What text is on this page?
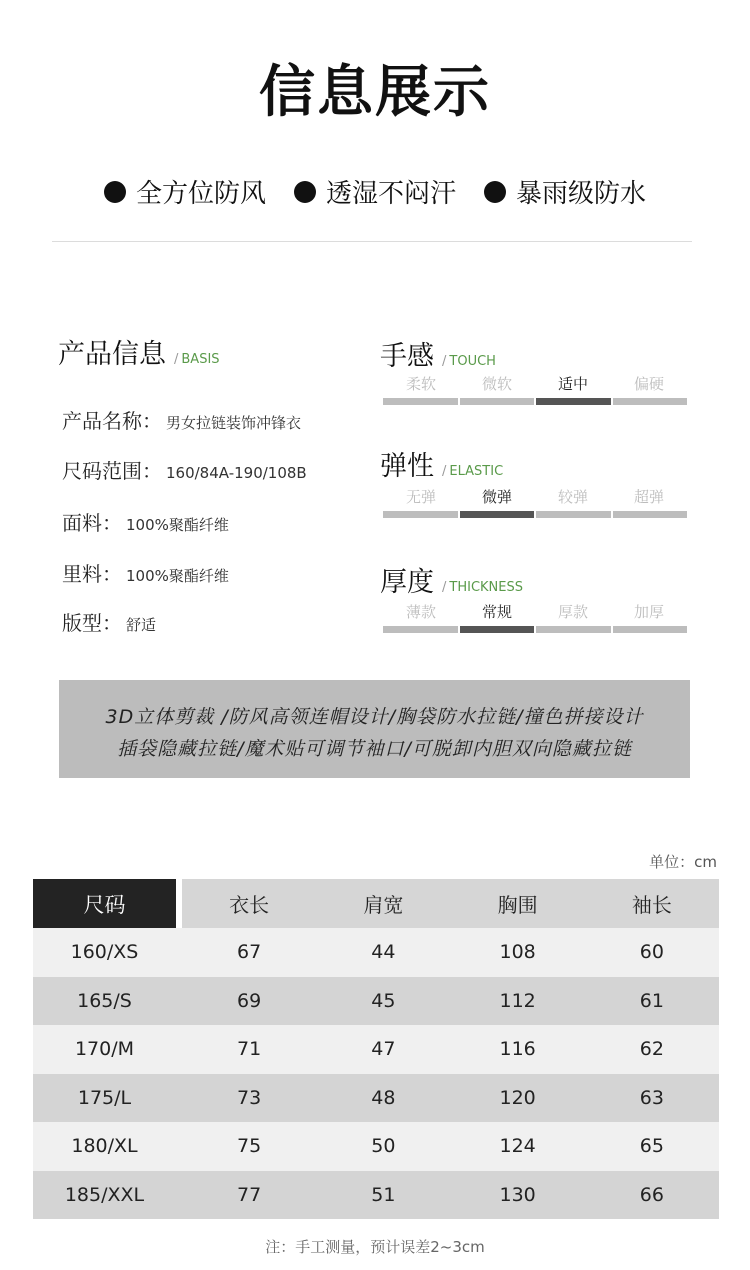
信息展示
全方位防风 透湿不闷汗 暴雨级防水
产品信息 / BASIS
产品名称： 男女拉链装饰冲锋衣
尺码范围： 160/84A-190/108B
面料： 100%聚酯纤维
里料： 100%聚酯纤维
版型： 舒适
手感 / TOUCH
柔软	微软	适中	偏硬
弹性 / ELASTIC
无弹	微弹	较弹	超弹
厚度 / THICKNESS
薄款	常规	厚款	加厚

3D立体剪裁 /防风高领连帽设计/胸袋防水拉链/撞色拼接设计

插袋隐藏拉链/魔术贴可调节袖口/可脱卸内胆双向隐藏拉链

单位：cm
尺码		衣长	肩宽	胸围	袖长
160/XS		67	44	108	60
165/S		69	45	112	61
170/M		71	47	116	62
175/L		73	48	120	63
180/XL		75	50	124	65
185/XXL		77	51	130	66
注：手工测量，预计误差2~3cm
